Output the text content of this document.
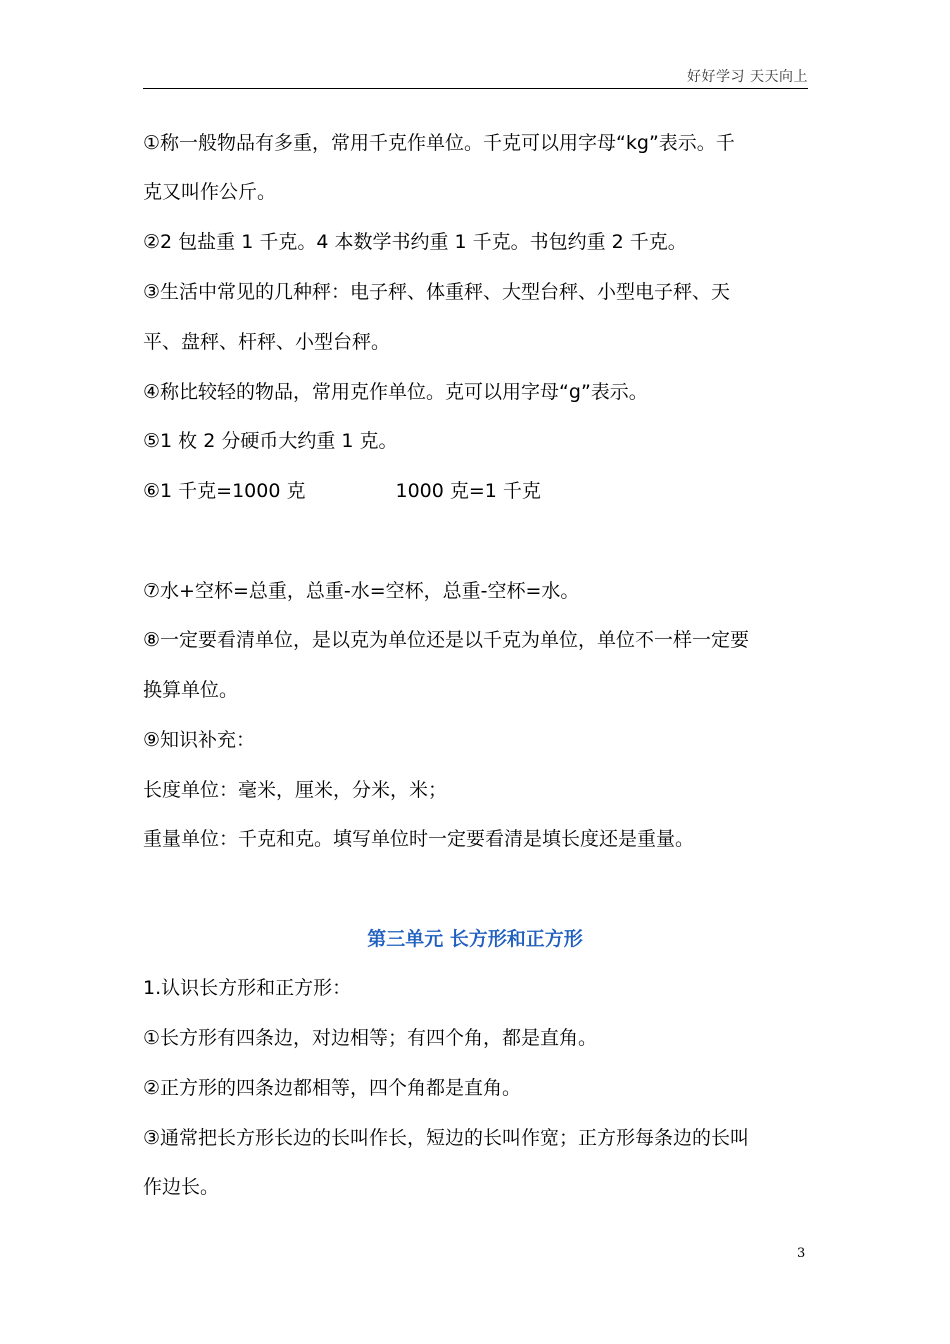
好好学习 天天向上
①称一般物品有多重，常用千克作单位。千克可以用字母“kg”表示。千
克又叫作公斤。
②2 包盐重 1 千克。4 本数学书约重 1 千克。书包约重 2 千克。
③生活中常见的几种秤：电子秤、体重秤、大型台秤、小型电子秤、天
平、盘秤、杆秤、小型台秤。
④称比较轻的物品，常用克作单位。克可以用字母“g”表示。
⑤1 枚 2 分硬币大约重 1 克。
⑥1 千克=1000 克	1000 克=1 千克
⑦水+空杯=总重，总重-水=空杯，总重-空杯=水。
⑧一定要看清单位，是以克为单位还是以千克为单位，单位不一样一定要
换算单位。
⑨知识补充：
长度单位：毫米，厘米，分米，米；
重量单位：千克和克。填写单位时一定要看清是填长度还是重量。
第三单元 长方形和正方形
1.认识长方形和正方形：
①长方形有四条边，对边相等；有四个角，都是直角。
②正方形的四条边都相等，四个角都是直角。
③通常把长方形长边的长叫作长，短边的长叫作宽；正方形每条边的长叫
作边长。
3
